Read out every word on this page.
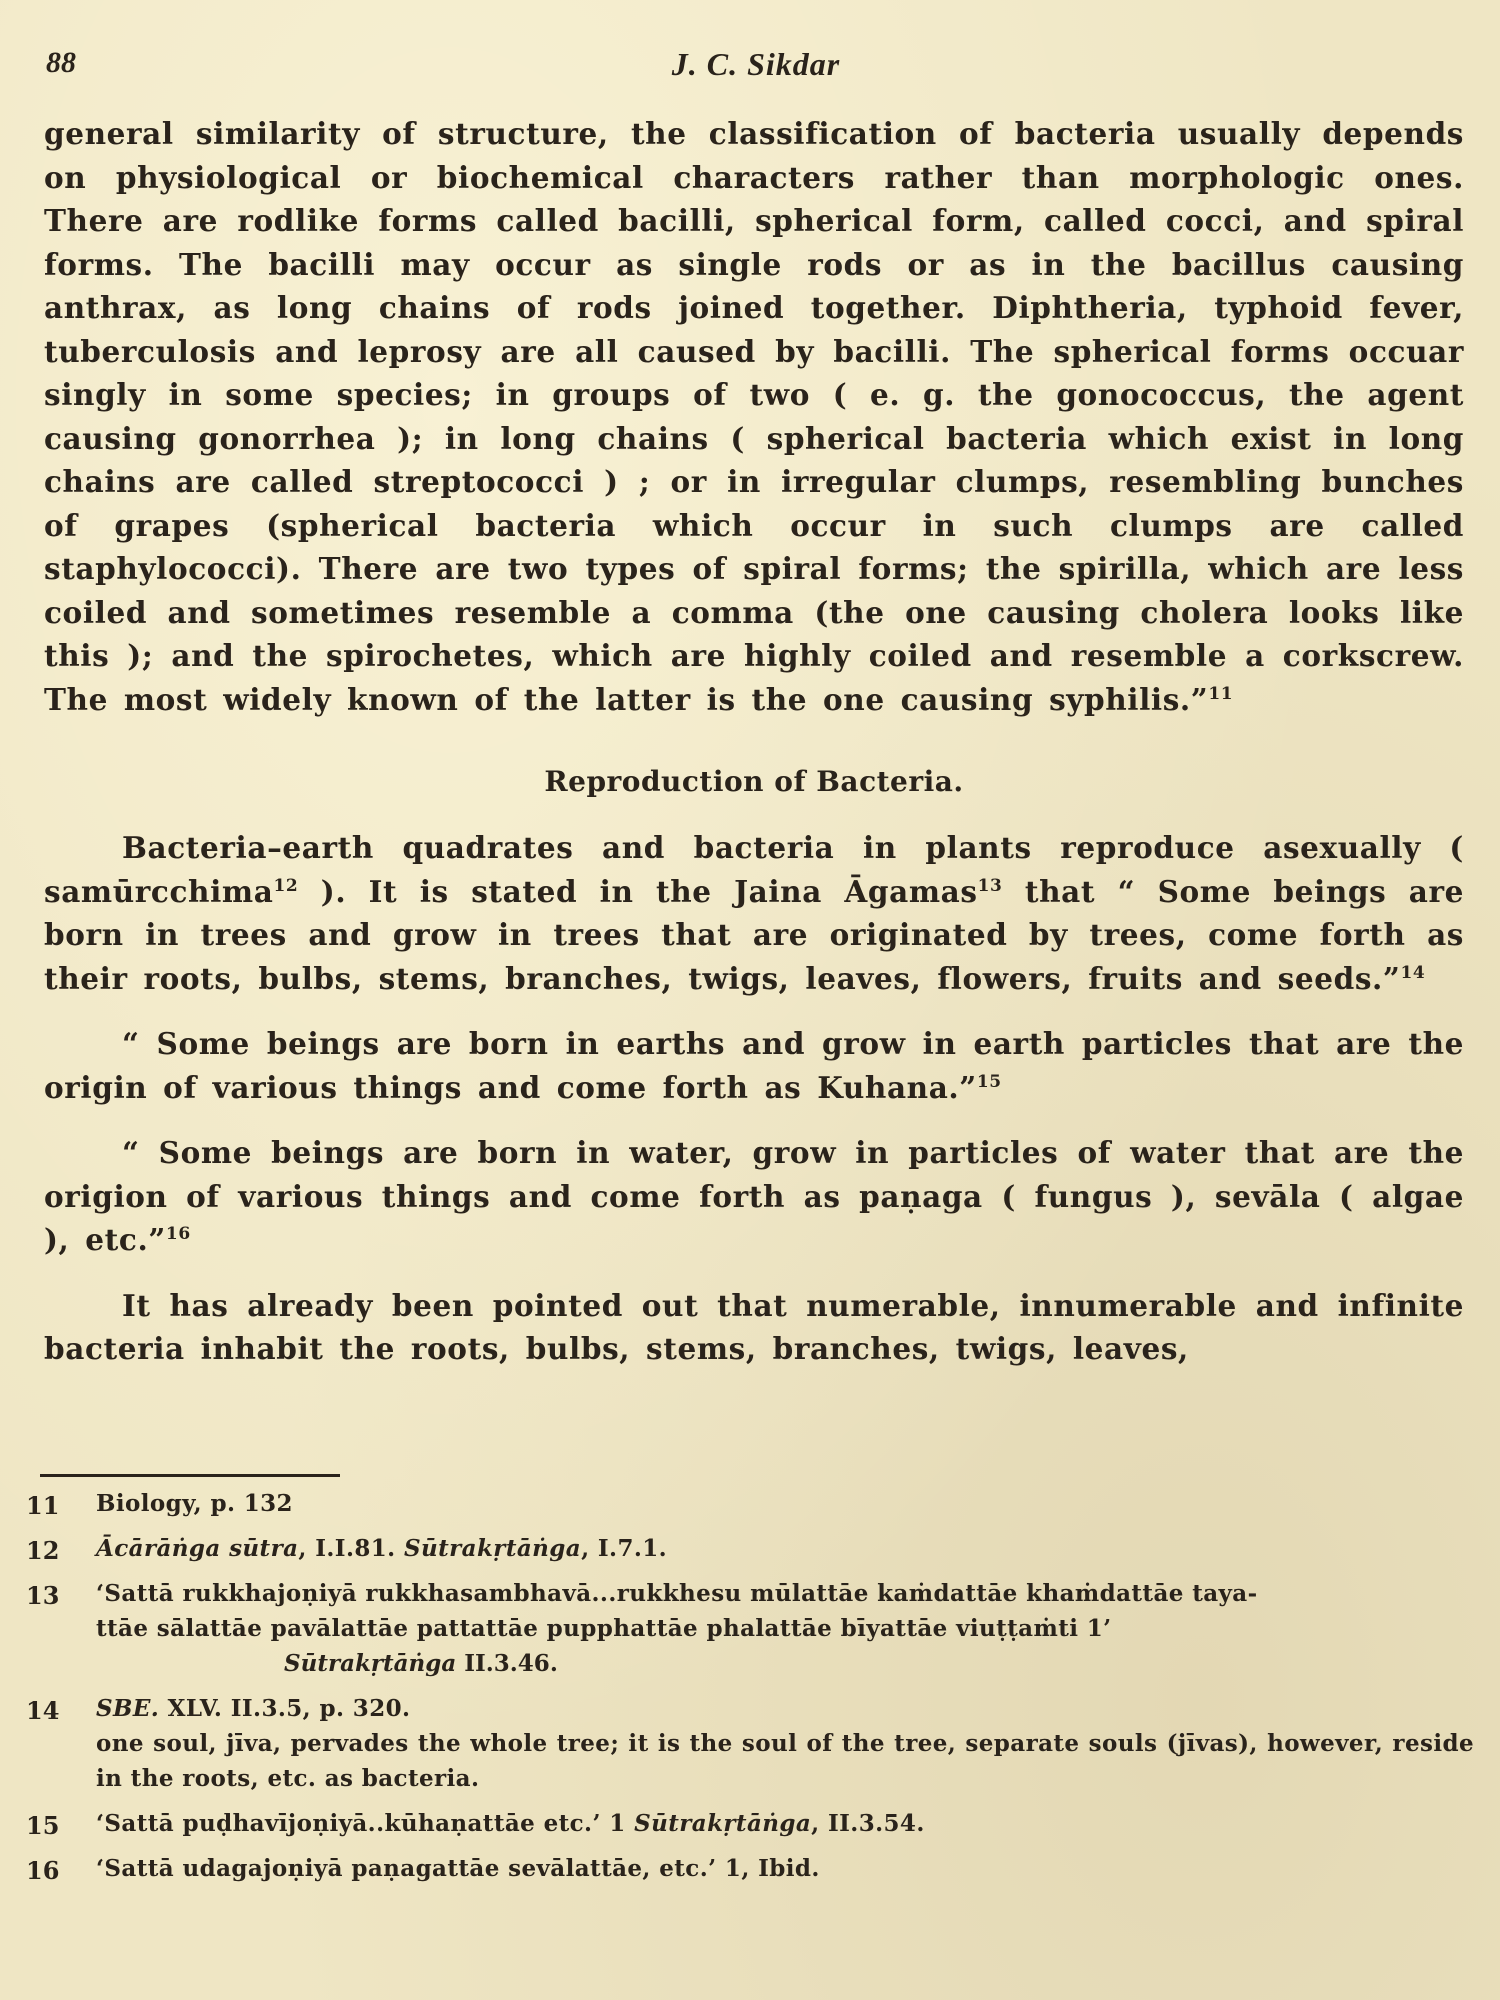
88	J. C. Sikdar

general similarity of structure, the classification of bacteria usually depends on physiological or biochemical characters rather than morphologic ones. There are rodlike forms called bacilli, spherical form, called cocci, and spiral forms. The bacilli may occur as single rods or as in the bacillus causing anthrax, as long chains of rods joined together. Diphtheria, typhoid fever, tuberculosis and leprosy are all caused by bacilli. The spherical forms occuar singly in some species; in groups of two ( e. g. the gonococcus, the agent causing gonorrhea ); in long chains ( spherical bacteria which exist in long chains are called streptococci ) ; or in irregular clumps, resembling bunches of grapes (spherical bacteria which occur in such clumps are called staphylococci). There are two types of spiral forms; the spirilla, which are less coiled and sometimes resemble a comma (the one causing cholera looks like this ); and the spirochetes, which are highly coiled and resemble a corkscrew. The most widely known of the latter is the one causing syphilis.”$^{11}$

Reproduction of Bacteria.

Bacteria–earth quadrates and bacteria in plants reproduce asexually ( samūrcchima$^{12}$ ). It is stated in the Jaina Āgamas$^{13}$ that “ Some beings are born in trees and grow in trees that are originated by trees, come forth as their roots, bulbs, stems, branches, twigs, leaves, flowers, fruits and seeds.”$^{14}$

“ Some beings are born in earths and grow in earth particles that are the origin of various things and come forth as Kuhana.”$^{15}$

“ Some beings are born in water, grow in particles of water that are the origion of various things and come forth as paṇaga ( fungus ), sevāla ( algae ), etc.”$^{16}$

It has already been pointed out that numerable, innumerable and infinite bacteria inhabit the roots, bulbs, stems, branches, twigs, leaves,

11	Biology, p. 132
12	Ācārāṅga sūtra, I.I.81. Sūtrakṛtāṅga, I.7.1.
13	‘Sattā rukkhajoṇiyā rukkhasambhavā...rukkhesu mūlattāe kaṁdattāe khaṁdattāe taya-
ttāe sālattāe pavālattāe pattattāe pupphattāe phalattāe bīyattāe viuṭṭaṁti 1’
Sūtrakṛtāṅga II.3.46.
14	SBE. XLV. II.3.5, p. 320.
one soul, jīva, pervades the whole tree; it is the soul of the tree, separate souls (jīvas), however, reside in the roots, etc. as bacteria.
15	‘Sattā puḍhavījoṇiyā..kūhaṇattāe etc.’ 1 Sūtrakṛtāṅga, II.3.54.
16	‘Sattā udagajoṇiyā paṇagattāe sevālattāe, etc.’ 1, Ibid.
